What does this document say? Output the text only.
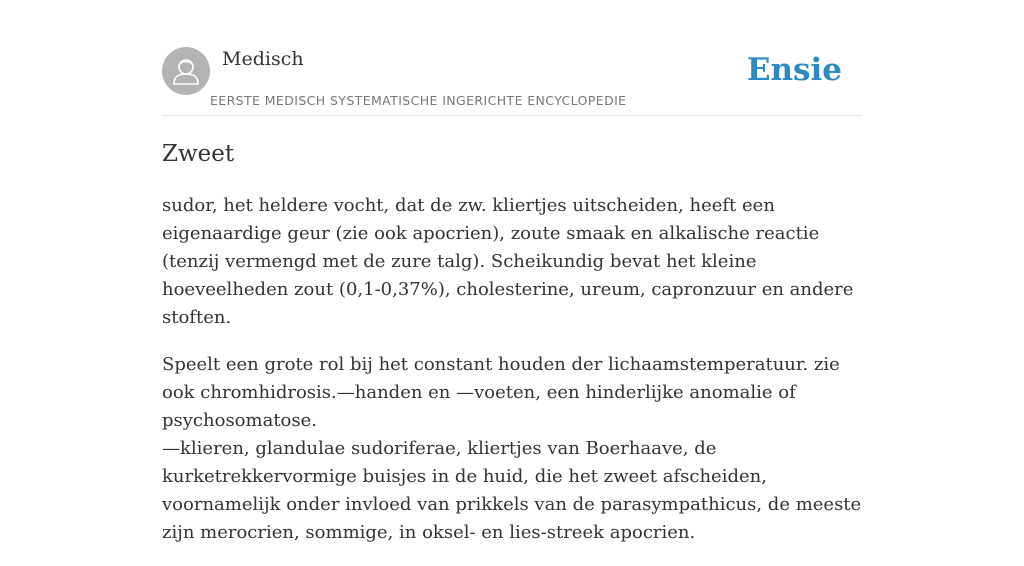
Medisch
EERSTE MEDISCH SYSTEMATISCHE INGERICHTE ENCYCLOPEDIE
Ensie
Zweet

sudor, het heldere vocht, dat de zw. kliertjes uitscheiden, heeft een eigenaardige geur (zie ook apocrien), zoute smaak en alkalische reactie (tenzij vermengd met de zure talg). Scheikundig bevat het kleine hoeveelheden zout (0,1-0,37%), cholesterine, ureum, capronzuur en andere stoften.

Speelt een grote rol bij het constant houden der lichaamstemperatuur. zie ook chromhidrosis.—handen en —voeten, een hinderlijke anomalie of psychosomatose.
—klieren, glandulae sudoriferae, kliertjes van Boerhaave, de kurketrekkervormige buisjes in de huid, die het zweet afscheiden, voornamelijk onder invloed van prikkels van de parasympathicus, de meeste zijn merocrien, sommige, in oksel- en lies-streek apocrien.
